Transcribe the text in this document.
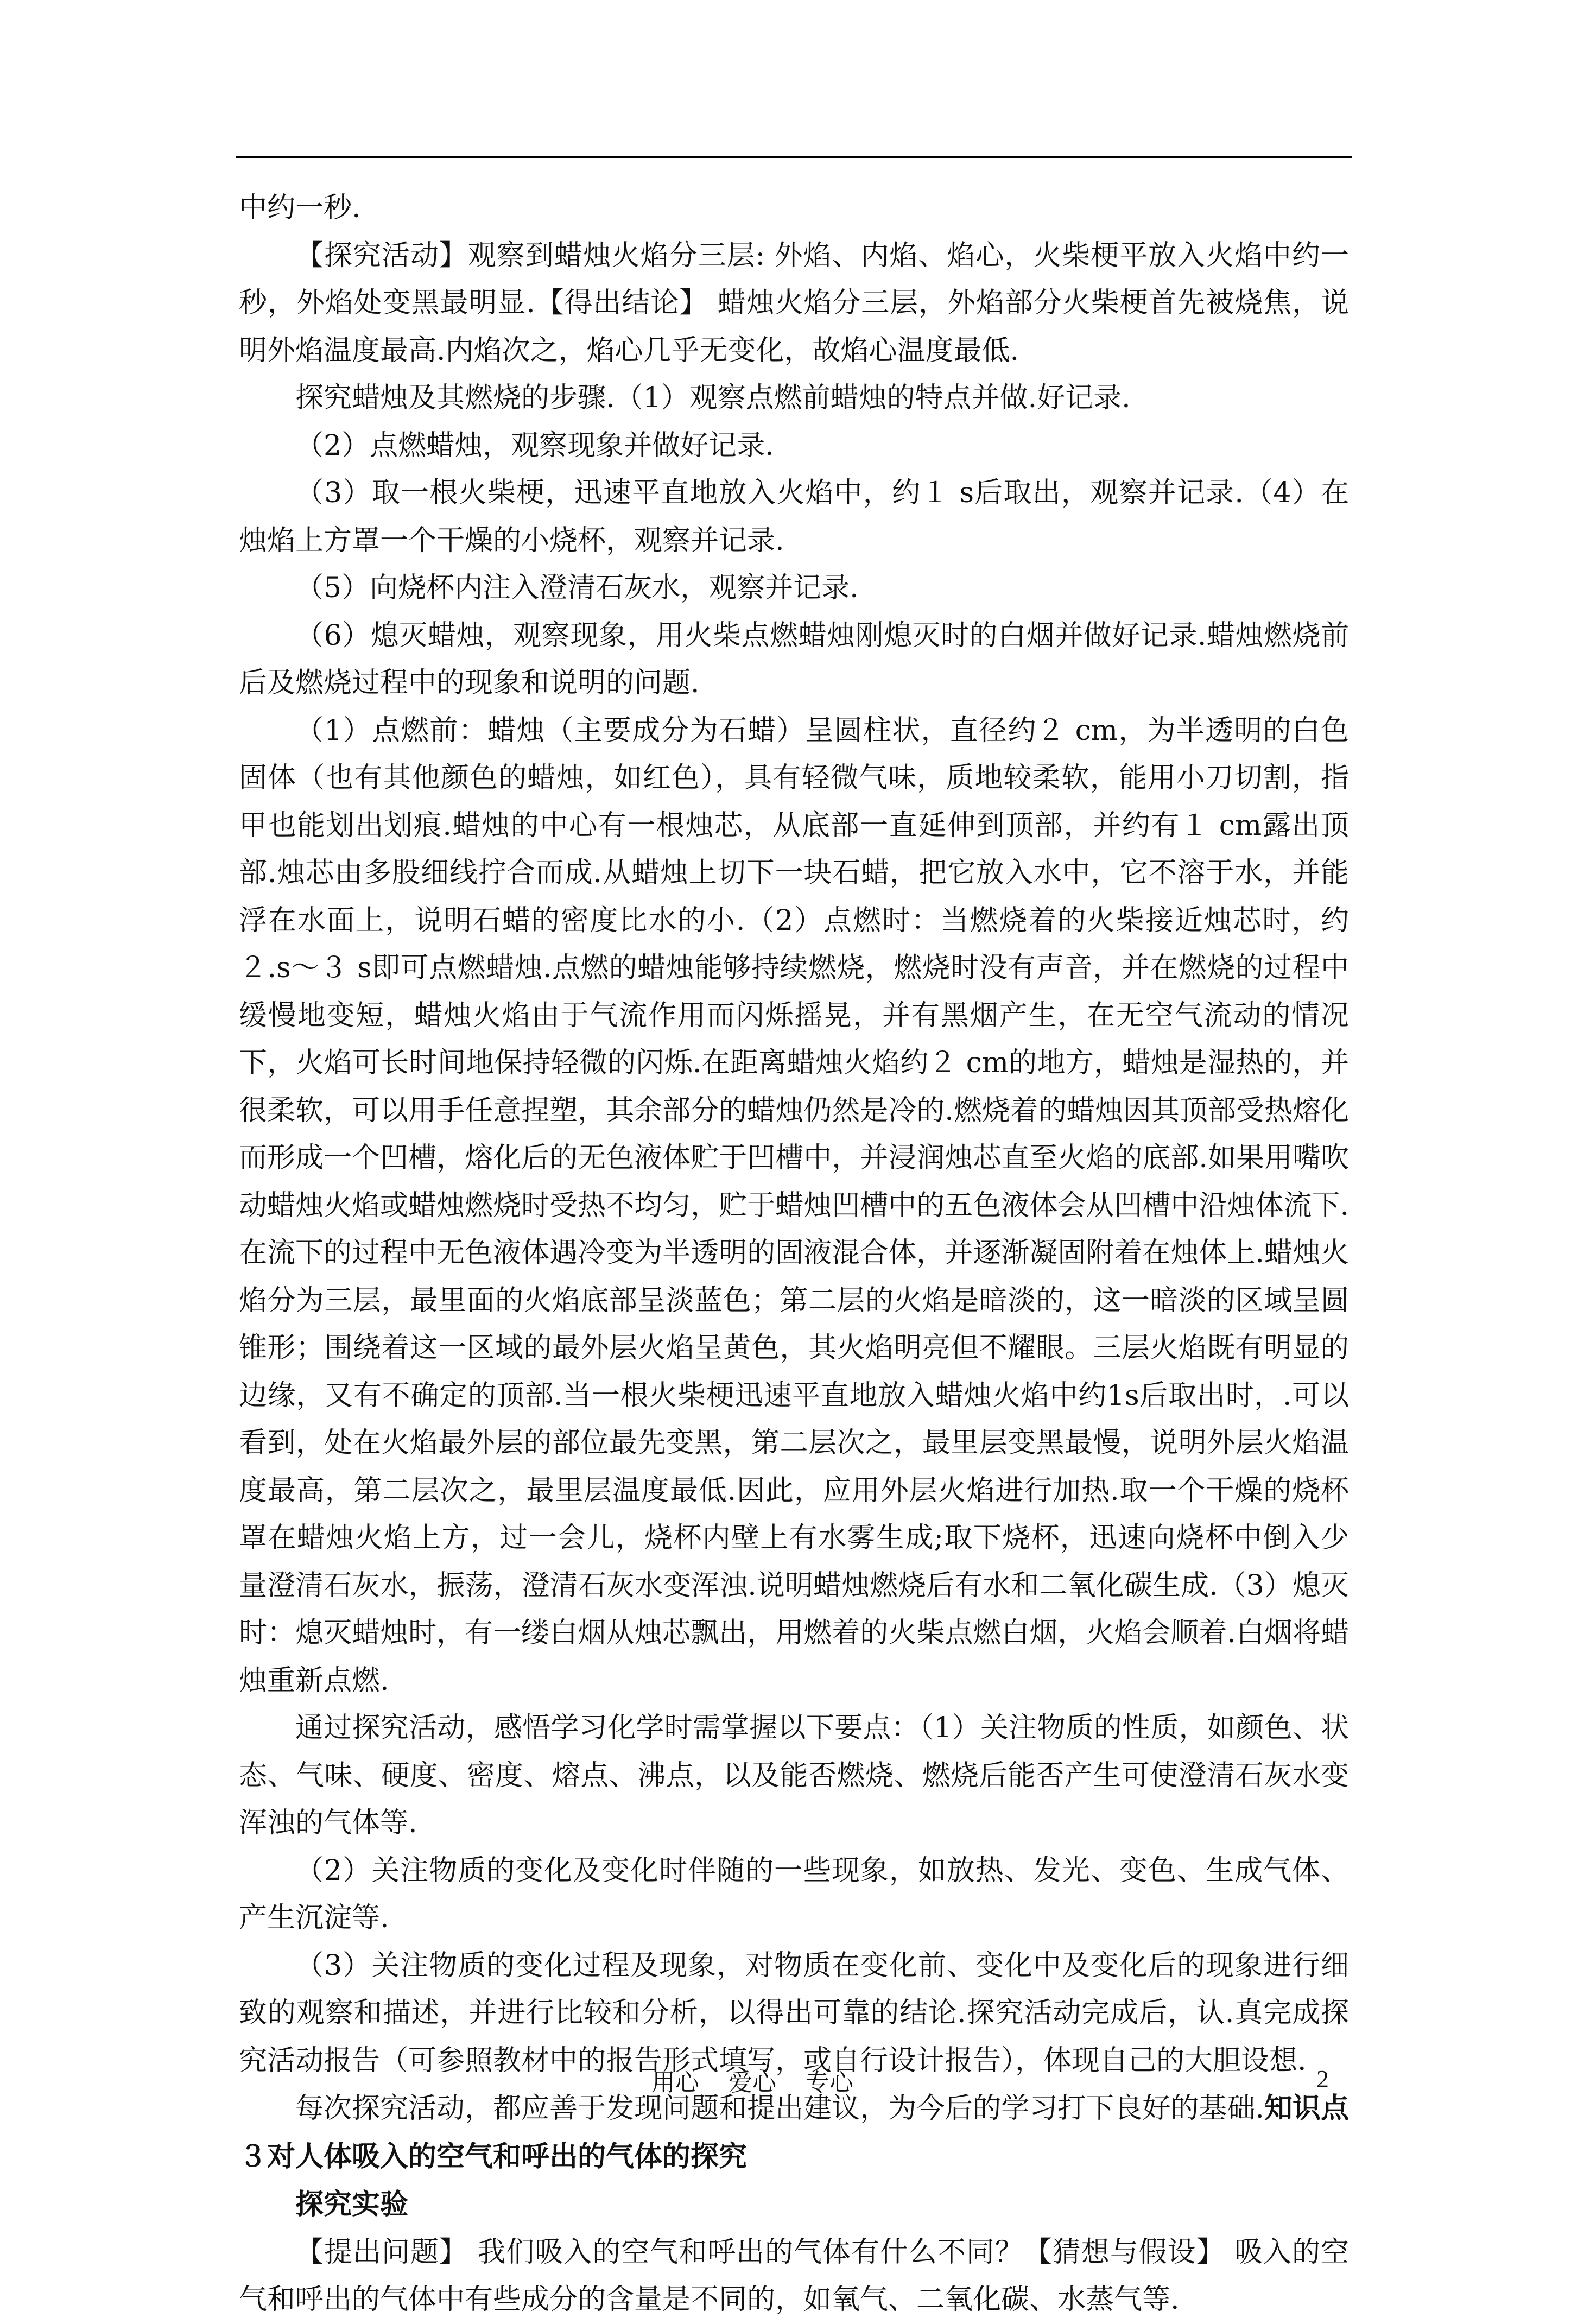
中约一秒.

【探究活动】观察到蜡烛火焰分三层: 外焰、内焰、焰心，火柴梗平放入火焰中约一秒，外焰处变黑最明显.【得出结论】 蜡烛火焰分三层，外焰部分火柴梗首先被烧焦，说明外焰温度最高.内焰次之，焰心几乎无变化，故焰心温度最低.

探究蜡烛及其燃烧的步骤.（1）观察点燃前蜡烛的特点并做.好记录.

（2）点燃蜡烛，观察现象并做好记录.

（3）取一根火柴梗，迅速平直地放入火焰中，约１ s后取出，观察并记录.（4）在烛焰上方罩一个干燥的小烧杯，观察并记录.

（5）向烧杯内注入澄清石灰水，观察并记录.

（6）熄灭蜡烛，观察现象，用火柴点燃蜡烛刚熄灭时的白烟并做好记录.蜡烛燃烧前后及燃烧过程中的现象和说明的问题.

（1）点燃前：蜡烛（主要成分为石蜡）呈圆柱状，直径约２ cm，为半透明的白色固体（也有其他颜色的蜡烛，如红色），具有轻微气味，质地较柔软，能用小刀切割，指甲也能划出划痕.蜡烛的中心有一根烛芯，从底部一直延伸到顶部，并约有１ cm露出顶部.烛芯由多股细线拧合而成.从蜡烛上切下一块石蜡，把它放入水中，它不溶于水，并能浮在水面上，说明石蜡的密度比水的小.（2）点燃时：当燃烧着的火柴接近烛芯时，约２.s～３ s即可点燃蜡烛.点燃的蜡烛能够持续燃烧，燃烧时没有声音，并在燃烧的过程中缓慢地变短，蜡烛火焰由于气流作用而闪烁摇晃，并有黑烟产生，在无空气流动的情况下，火焰可长时间地保持轻微的闪烁.在距离蜡烛火焰约２ cm的地方，蜡烛是湿热的，并很柔软，可以用手任意捏塑，其余部分的蜡烛仍然是冷的.燃烧着的蜡烛因其顶部受热熔化而形成一个凹槽，熔化后的无色液体贮于凹槽中，并浸润烛芯直至火焰的底部.如果用嘴吹动蜡烛火焰或蜡烛燃烧时受热不均匀，贮于蜡烛凹槽中的五色液体会从凹槽中沿烛体流下.在流下的过程中无色液体遇冷变为半透明的固液混合体，并逐渐凝固附着在烛体上.蜡烛火焰分为三层，最里面的火焰底部呈淡蓝色；第二层的火焰是暗淡的，这一暗淡的区域呈圆锥形；围绕着这一区域的最外层火焰呈黄色，其火焰明亮但不耀眼。三层火焰既有明显的边缘，又有不确定的顶部.当一根火柴梗迅速平直地放入蜡烛火焰中约1s后取出时，.可以看到，处在火焰最外层的部位最先变黑，第二层次之，最里层变黑最慢，说明外层火焰温度最高，第二层次之，最里层温度最低.因此，应用外层火焰进行加热.取一个干燥的烧杯罩在蜡烛火焰上方，过一会儿，烧杯内壁上有水雾生成;取下烧杯，迅速向烧杯中倒入少量澄清石灰水，振荡，澄清石灰水变浑浊.说明蜡烛燃烧后有水和二氧化碳生成.（3）熄灭时：熄灭蜡烛时，有一缕白烟从烛芯飘出，用燃着的火柴点燃白烟，火焰会顺着.白烟将蜡烛重新点燃.

通过探究活动，感悟学习化学时需掌握以下要点：（1）关注物质的性质，如颜色、状态、气味、硬度、密度、熔点、沸点，以及能否燃烧、燃烧后能否产生可使澄清石灰水变浑浊的气体等.

（2）关注物质的变化及变化时伴随的一些现象，如放热、发光、变色、生成气体、产生沉淀等.

（3）关注物质的变化过程及现象，对物质在变化前、变化中及变化后的现象进行细致的观察和描述，并进行比较和分析，以得出可靠的结论.探究活动完成后，认.真完成探究活动报告（可参照教材中的报告形式填写，或自行设计报告），体现自己的大胆设想.

每次探究活动，都应善于发现问题和提出建议，为今后的学习打下良好的基础.知识点３对人体吸入的空气和呼出的气体的探究

探究实验

【提出问题】 我们吸入的空气和呼出的气体有什么不同？【猜想与假设】 吸入的空气和呼出的气体中有些成分的含量是不同的，如氧气、二氧化碳、水蒸气等.

用心 爱心 专心	2
